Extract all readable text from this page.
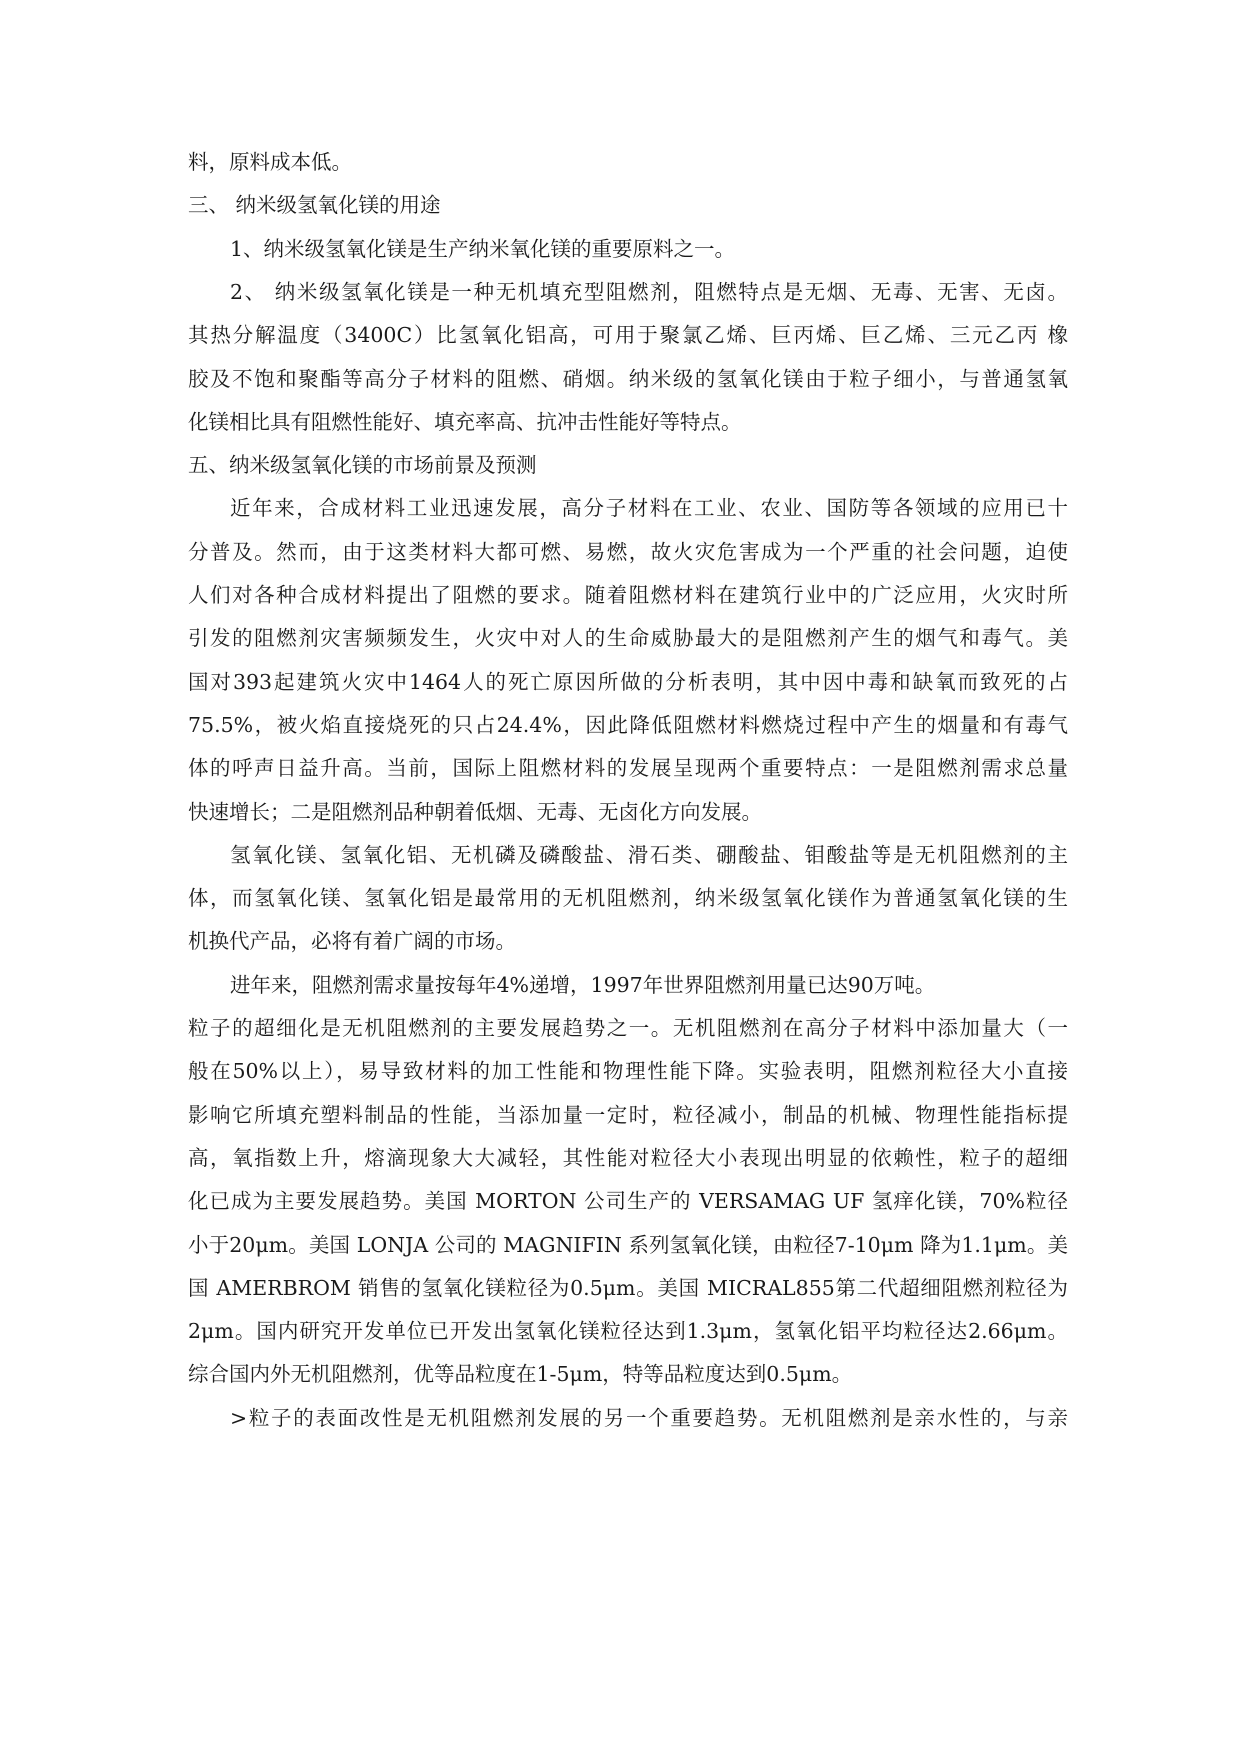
料，原料成本低。
三、 纳米级氢氧化镁的用途
1、纳米级氢氧化镁是生产纳米氧化镁的重要原料之一。
2、 纳米级氢氧化镁是一种无机填充型阻燃剂，阻燃特点是无烟、无毒、无害、无卤。
其热分解温度（3400C）比氢氧化铝高，可用于聚氯乙烯、巨丙烯、巨乙烯、三元乙丙 橡
胶及不饱和聚酯等高分子材料的阻燃、硝烟。纳米级的氢氧化镁由于粒子细小，与普通氢氧
化镁相比具有阻燃性能好、填充率高、抗冲击性能好等特点。
五、纳米级氢氧化镁的市场前景及预测
近年来，合成材料工业迅速发展，高分子材料在工业、农业、国防等各领域的应用已十
分普及。然而，由于这类材料大都可燃、易燃，故火灾危害成为一个严重的社会问题，迫使
人们对各种合成材料提出了阻燃的要求。随着阻燃材料在建筑行业中的广泛应用，火灾时所
引发的阻燃剂灾害频频发生，火灾中对人的生命威胁最大的是阻燃剂产生的烟气和毒气。美
国对393起建筑火灾中1464人的死亡原因所做的分析表明，其中因中毒和缺氧而致死的占
75.5%，被火焰直接烧死的只占24.4%，因此降低阻燃材料燃烧过程中产生的烟量和有毒气
体的呼声日益升高。当前，国际上阻燃材料的发展呈现两个重要特点：一是阻燃剂需求总量
快速增长；二是阻燃剂品种朝着低烟、无毒、无卤化方向发展。
氢氧化镁、氢氧化铝、无机磷及磷酸盐、滑石类、硼酸盐、钼酸盐等是无机阻燃剂的主
体，而氢氧化镁、氢氧化铝是最常用的无机阻燃剂，纳米级氢氧化镁作为普通氢氧化镁的生
机换代产品，必将有着广阔的市场。
进年来，阻燃剂需求量按每年4%递增，1997年世界阻燃剂用量已达90万吨。
粒子的超细化是无机阻燃剂的主要发展趋势之一。无机阻燃剂在高分子材料中添加量大（一
般在50%以上），易导致材料的加工性能和物理性能下降。实验表明，阻燃剂粒径大小直接
影响它所填充塑料制品的性能，当添加量一定时，粒径减小，制品的机械、物理性能指标提
高，氧指数上升，熔滴现象大大减轻，其性能对粒径大小表现出明显的依赖性，粒子的超细
化已成为主要发展趋势。美国 MORTON 公司生产的 VERSAMAG UF 氢痒化镁，70%粒径
小于20μm。美国 LONJA 公司的 MAGNIFIN 系列氢氧化镁，由粒径7-10μm 降为1.1μm。美
国 AMERBROM 销售的氢氧化镁粒径为0.5μm。美国 MICRAL855第二代超细阻燃剂粒径为
2μm。国内研究开发单位已开发出氢氧化镁粒径达到1.3μm，氢氧化铝平均粒径达2.66μm。
综合国内外无机阻燃剂，优等品粒度在1-5μm，特等品粒度达到0.5μm。
>粒子的表面改性是无机阻燃剂发展的另一个重要趋势。无机阻燃剂是亲水性的，与亲
